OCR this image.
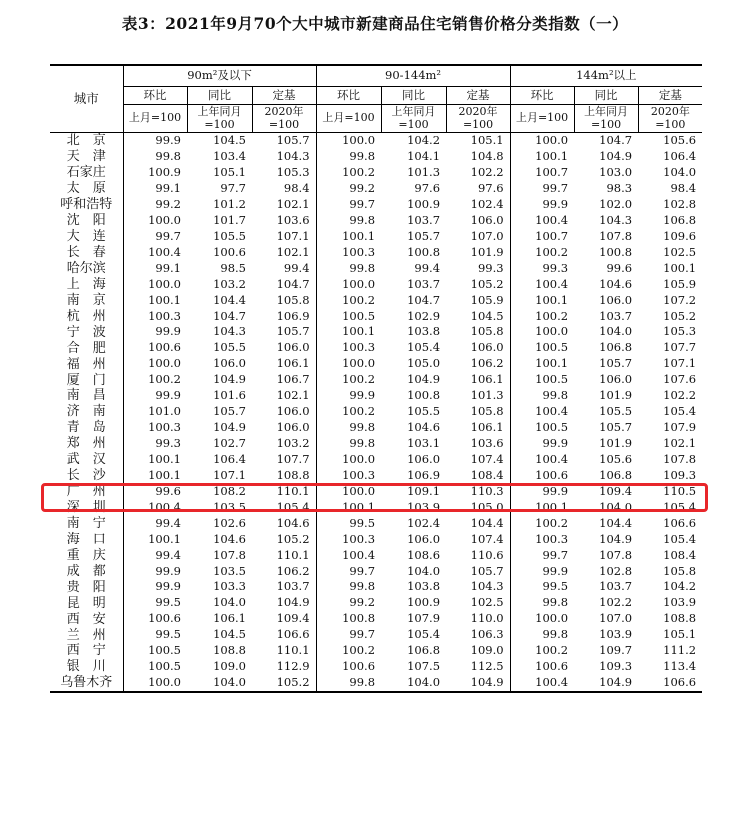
表3：2021年9月70个大中城市新建商品住宅销售价格分类指数（一）
城市	90m²及以下			90-144m²			144m²以上		
	环比	同比	定基	环比	同比	定基	环比	同比	定基
	上月=100	上年同月=100	2020年=100	上月=100	上年同月=100	2020年=100	上月=100	上年同月=100	2020年=100
北　京	99.9	104.5	105.7	100.0	104.2	105.1	100.0	104.7	105.6
天　津	99.8	103.4	104.3	99.8	104.1	104.8	100.1	104.9	106.4
石家庄	100.9	105.1	105.3	100.2	101.3	102.2	100.7	103.0	104.0
太　原	99.1	97.7	98.4	99.2	97.6	97.6	99.7	98.3	98.4
呼和浩特	99.2	101.2	102.1	99.7	100.9	102.4	99.9	102.0	102.8
沈　阳	100.0	101.7	103.6	99.8	103.7	106.0	100.4	104.3	106.8
大　连	99.7	105.5	107.1	100.1	105.7	107.0	100.7	107.8	109.6
长　春	100.4	100.6	102.1	100.3	100.8	101.9	100.2	100.8	102.5
哈尔滨	99.1	98.5	99.4	99.8	99.4	99.3	99.3	99.6	100.1
上　海	100.0	103.2	104.7	100.0	103.7	105.2	100.4	104.6	105.9
南　京	100.1	104.4	105.8	100.2	104.7	105.9	100.1	106.0	107.2
杭　州	100.3	104.7	106.9	100.5	102.9	104.5	100.2	103.7	105.2
宁　波	99.9	104.3	105.7	100.1	103.8	105.8	100.0	104.0	105.3
合　肥	100.6	105.5	106.0	100.3	105.4	106.0	100.5	106.8	107.7
福　州	100.0	106.0	106.1	100.0	105.0	106.2	100.1	105.7	107.1
厦　门	100.2	104.9	106.7	100.2	104.9	106.1	100.5	106.0	107.6
南　昌	99.9	101.6	102.1	99.9	100.8	101.3	99.8	101.9	102.2
济　南	101.0	105.7	106.0	100.2	105.5	105.8	100.4	105.5	105.4
青　岛	100.3	104.9	106.0	99.8	104.6	106.1	100.5	105.7	107.9
郑　州	99.3	102.7	103.2	99.8	103.1	103.6	99.9	101.9	102.1
武　汉	100.1	106.4	107.7	100.0	106.0	107.4	100.4	105.6	107.8
长　沙	100.1	107.1	108.8	100.3	106.9	108.4	100.6	106.8	109.3
广　州	99.6	108.2	110.1	100.0	109.1	110.3	99.9	109.4	110.5
深　圳	100.4	103.5	105.4	100.1	103.9	105.0	100.1	104.0	105.4
南　宁	99.4	102.6	104.6	99.5	102.4	104.4	100.2	104.4	106.6
海　口	100.1	104.6	105.2	100.3	106.0	107.4	100.3	104.9	105.4
重　庆	99.4	107.8	110.1	100.4	108.6	110.6	99.7	107.8	108.4
成　都	99.9	103.5	106.2	99.7	104.0	105.7	99.9	102.8	105.8
贵　阳	99.9	103.3	103.7	99.8	103.8	104.3	99.5	103.7	104.2
昆　明	99.5	104.0	104.9	99.2	100.9	102.5	99.8	102.2	103.9
西　安	100.6	106.1	109.4	100.8	107.9	110.0	100.0	107.0	108.8
兰　州	99.5	104.5	106.6	99.7	105.4	106.3	99.8	103.9	105.1
西　宁	100.5	108.8	110.1	100.2	106.8	109.0	100.2	109.7	111.2
银　川	100.5	109.0	112.9	100.6	107.5	112.5	100.6	109.3	113.4
乌鲁木齐	100.0	104.0	105.2	99.8	104.0	104.9	100.4	104.9	106.6
